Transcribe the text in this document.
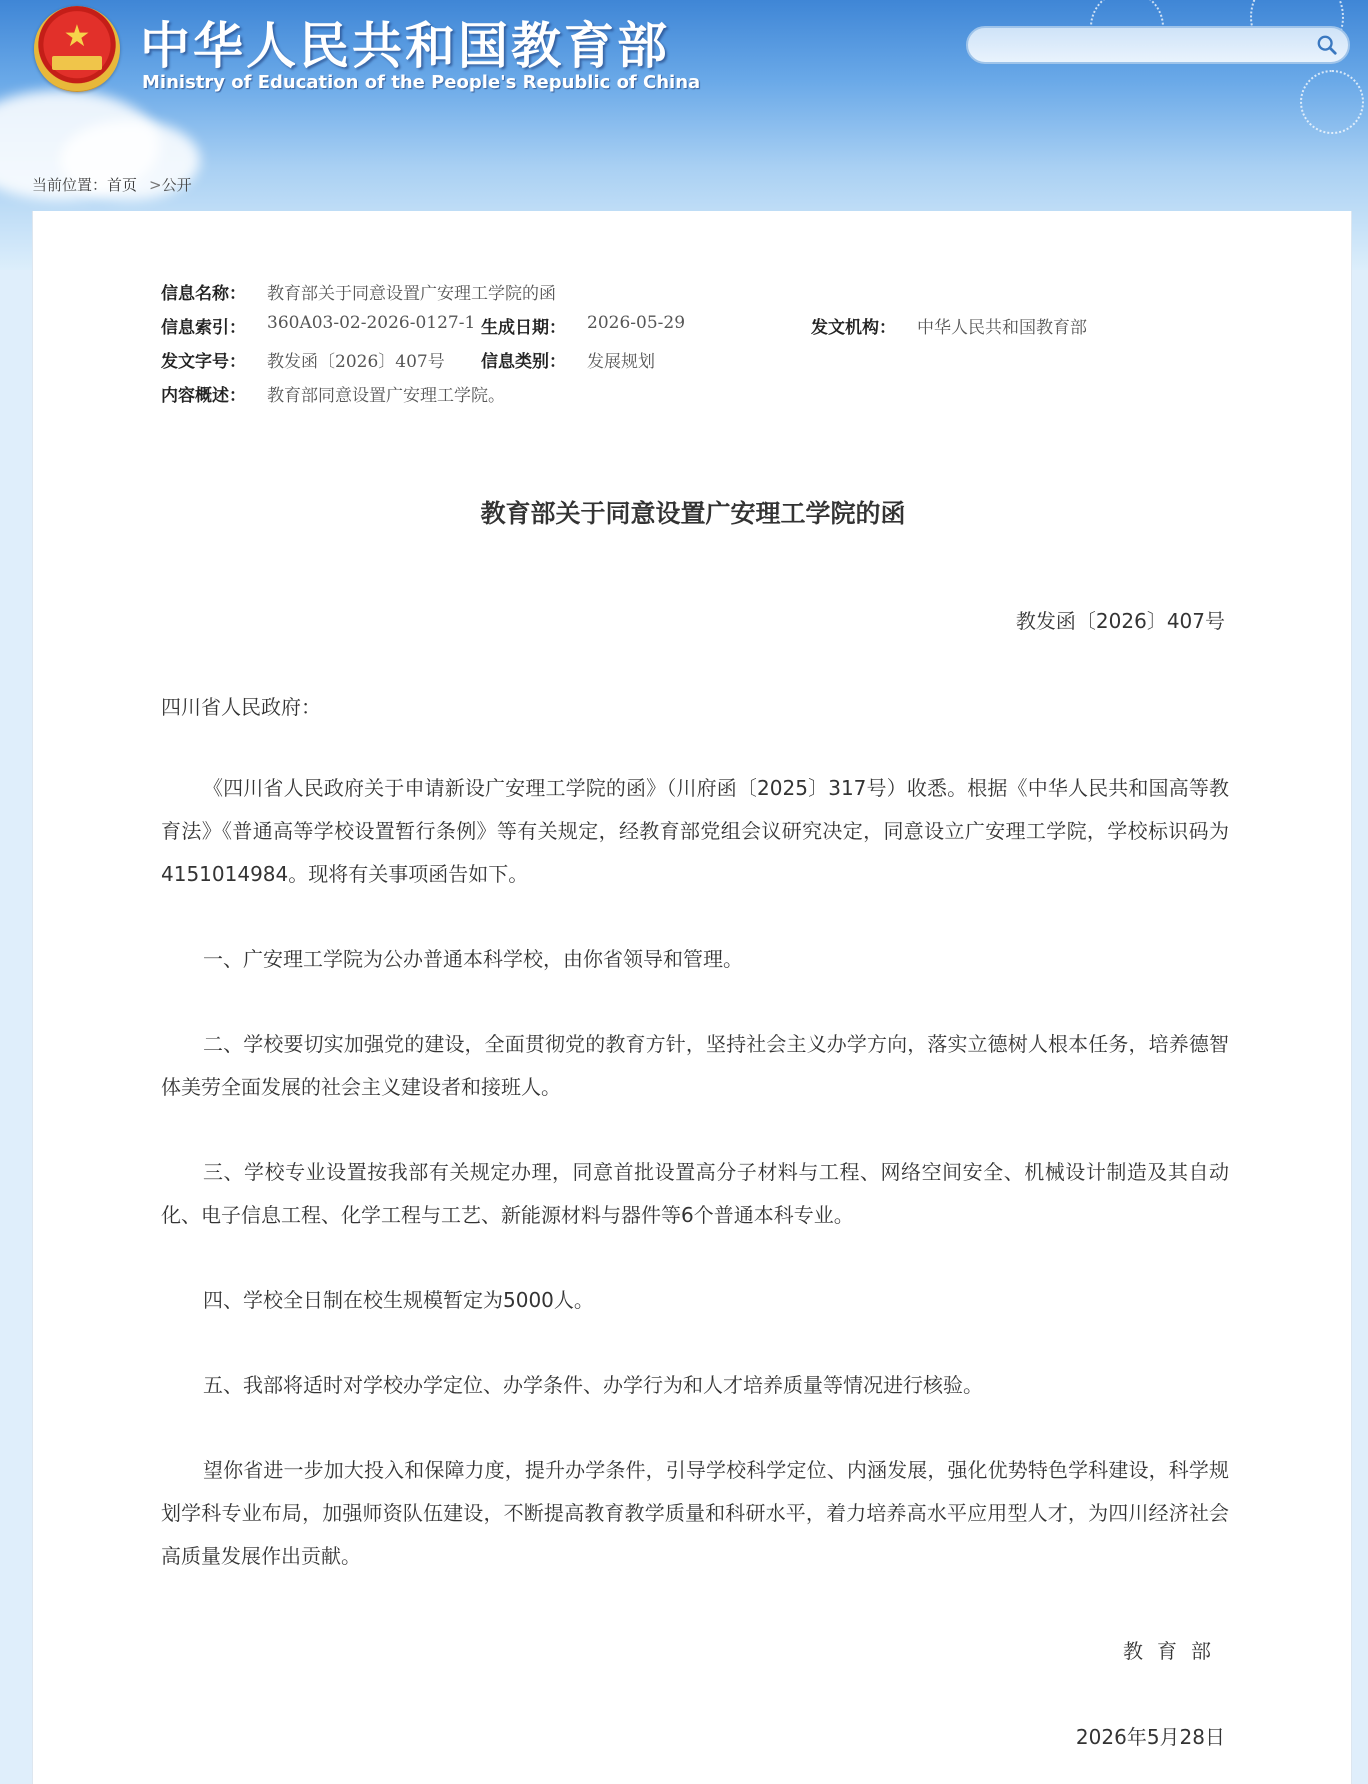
★ 中华人民共和国教育部
Ministry of Education of the People's Republic of China
当前位置：首页 >公开
信息名称： 教育部关于同意设置广安理工学院的函
信息索引： 360A03-02-2026-0127-1 生成日期： 2026-05-29	发文机构： 中华人民共和国教育部
发文字号： 教发函〔2026〕407号 信息类别： 发展规划
内容概述： 教育部同意设置广安理工学院。
教育部关于同意设置广安理工学院的函
教发函〔2026〕407号
四川省人民政府：

《四川省人民政府关于申请新设广安理工学院的函》（川府函〔2025〕317号）收悉。根据《中华人民共和国高等教育法》《普通高等学校设置暂行条例》等有关规定，经教育部党组会议研究决定，同意设立广安理工学院，学校标识码为4151014984。现将有关事项函告如下。

一、广安理工学院为公办普通本科学校，由你省领导和管理。

二、学校要切实加强党的建设，全面贯彻党的教育方针，坚持社会主义办学方向，落实立德树人根本任务，培养德智体美劳全面发展的社会主义建设者和接班人。

三、学校专业设置按我部有关规定办理，同意首批设置高分子材料与工程、网络空间安全、机械设计制造及其自动化、电子信息工程、化学工程与工艺、新能源材料与器件等6个普通本科专业。

四、学校全日制在校生规模暂定为5000人。

五、我部将适时对学校办学定位、办学条件、办学行为和人才培养质量等情况进行核验。

望你省进一步加大投入和保障力度，提升办学条件，引导学校科学定位、内涵发展，强化优势特色学科建设，科学规划学科专业布局，加强师资队伍建设，不断提高教育教学质量和科研水平，着力培养高水平应用型人才，为四川经济社会高质量发展作出贡献。

教育部
2026年5月28日
